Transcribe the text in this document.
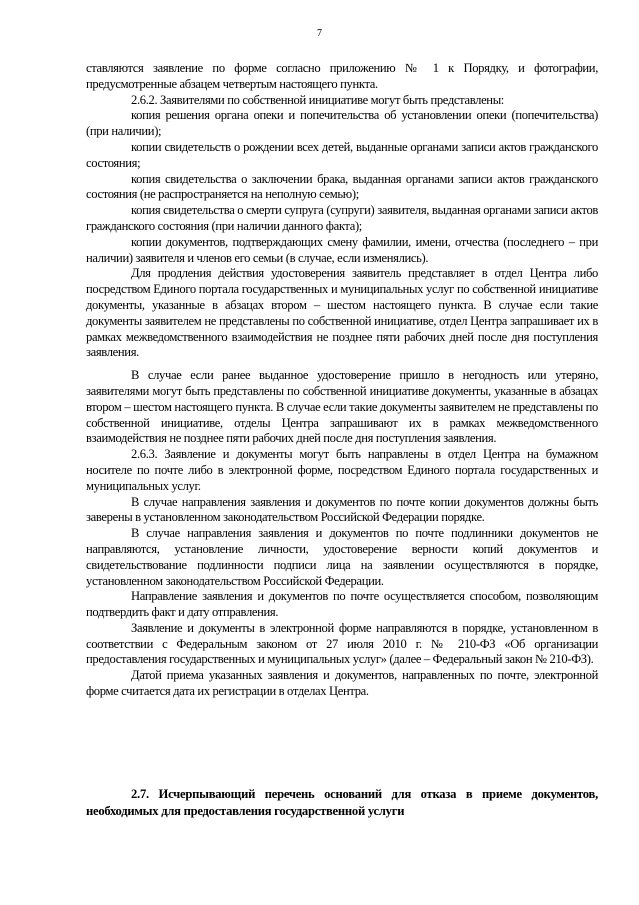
7

ставляются заявление по форме согласно приложению № 1 к Порядку, и фотографии, предусмотренные абзацем четвертым настоящего пункта.

2.6.2. Заявителями по собственной инициативе могут быть представлены:

копия решения органа опеки и попечительства об установлении опеки (попечительства) (при наличии);

копии свидетельств о рождении всех детей, выданные органами записи актов гражданского состояния;

копия свидетельства о заключении брака, выданная органами записи актов гражданского состояния (не распространяется на неполную семью);

копия свидетельства о смерти супруга (супруги) заявителя, выданная органами записи актов гражданского состояния (при наличии данного факта);

копии документов, подтверждающих смену фамилии, имени, отчества (последнего – при наличии) заявителя и членов его семьи (в случае, если изменялись).

Для продления действия удостоверения заявитель представляет в отдел Центра либо посредством Единого портала государственных и муниципальных услуг по собственной инициативе документы, указанные в абзацах втором – шестом настоящего пункта. В случае если такие документы заявителем не представлены по собственной инициативе, отдел Центра запрашивает их в рамках межведомственного взаимодействия не позднее пяти рабочих дней после дня поступления заявления.

В случае если ранее выданное удостоверение пришло в негодность или утеряно, заявителями могут быть представлены по собственной инициативе документы, указанные в абзацах втором – шестом настоящего пункта. В случае если такие документы заявителем не представлены по собственной инициативе, отделы Центра запрашивают их в рамках межведомственного взаимодействия не позднее пяти рабочих дней после дня поступления заявления.

2.6.3. Заявление и документы могут быть направлены в отдел Центра на бумажном носителе по почте либо в электронной форме, посредством Единого портала государственных и муниципальных услуг.

В случае направления заявления и документов по почте копии документов должны быть заверены в установленном законодательством Российской Федерации порядке.

В случае направления заявления и документов по почте подлинники документов не направляются, установление личности, удостоверение верности копий документов и свидетельствование подлинности подписи лица на заявлении осуществляются в порядке, установленном законодательством Российской Федерации.

Направление заявления и документов по почте осуществляется способом, позволяющим подтвердить факт и дату отправления.

Заявление и документы в электронной форме направляются в порядке, установленном в соответствии с Федеральным законом от 27 июля 2010 г. № 210-ФЗ «Об организации предоставления государственных и муниципальных услуг» (далее – Федеральный закон № 210-ФЗ).

Датой приема указанных заявления и документов, направленных по почте, электронной форме считается дата их регистрации в отделах Центра.

2.7. Исчерпывающий перечень оснований для отказа в приеме документов, необходимых для предоставления государственной услуги
